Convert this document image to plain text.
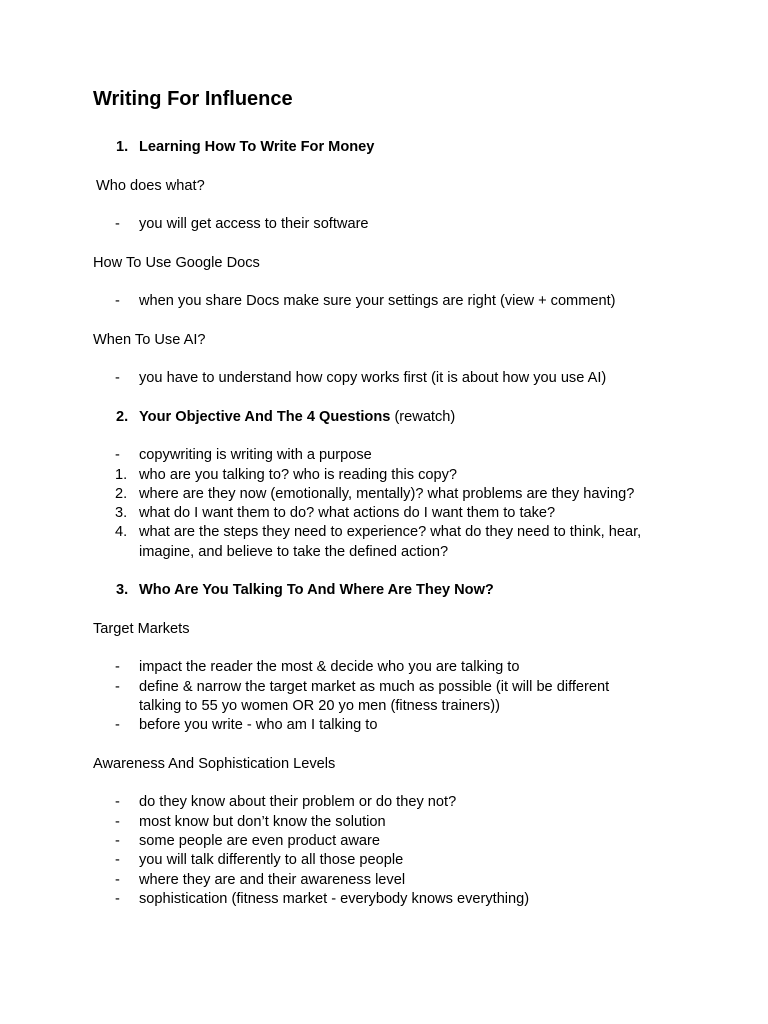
Writing For Influence
1. Learning How To Write For Money
Who does what?
- you will get access to their software
How To Use Google Docs
- when you share Docs make sure your settings are right (view + comment)
When To Use AI?
- you have to understand how copy works first (it is about how you use AI)
2. Your Objective And The 4 Questions (rewatch)
- copywriting is writing with a purpose
1. who are you talking to? who is reading this copy?
2. where are they now (emotionally, mentally)? what problems are they having?
3. what do I want them to do? what actions do I want them to take?
4. what are the steps they need to experience? what do they need to think, hear,
imagine, and believe to take the defined action?
3. Who Are You Talking To And Where Are They Now?
Target Markets
- impact the reader the most & decide who you are talking to
- define & narrow the target market as much as possible (it will be different
talking to 55 yo women OR 20 yo men (fitness trainers))
- before you write - who am I talking to
Awareness And Sophistication Levels
- do they know about their problem or do they not?
- most know but don’t know the solution
- some people are even product aware
- you will talk differently to all those people
- where they are and their awareness level
- sophistication (fitness market - everybody knows everything)
